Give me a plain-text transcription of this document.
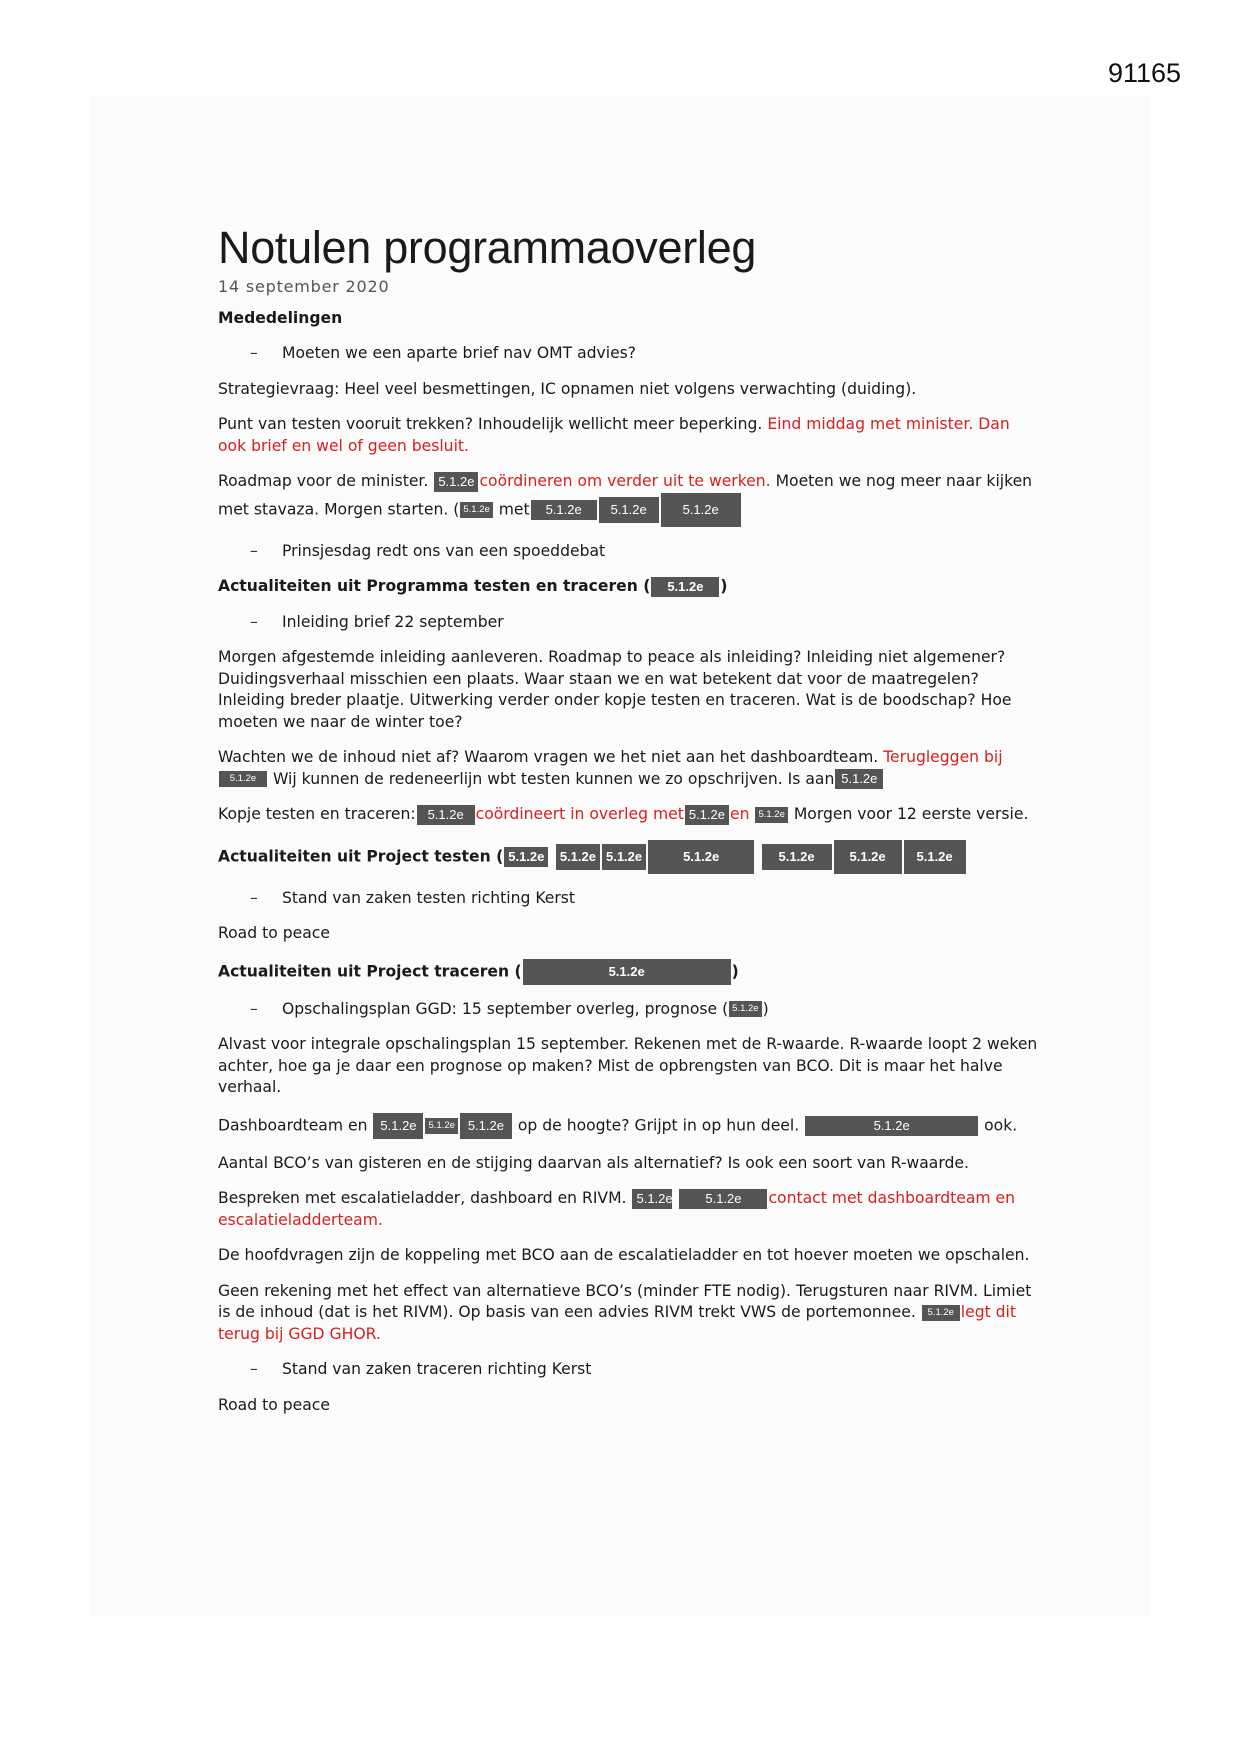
91165
Notulen programmaoverleg
14 september 2020
Mededelingen

– Moeten we een aparte brief nav OMT advies?

Strategievraag: Heel veel besmettingen, IC opnamen niet volgens verwachting (duiding).

Punt van testen vooruit trekken? Inhoudelijk wellicht meer beperking. Eind middag met minister. Dan ook brief en wel of geen besluit.

Roadmap voor de minister. 5.1.2e coördineren om verder uit te werken. Moeten we nog meer naar kijken met stavaza. Morgen starten. ( 5.1.2e met 5.1.2e 5.1.2e	5.1.2e

– Prinsjesdag redt ons van een spoeddebat

Actualiteiten uit Programma testen en traceren ( 5.1.2e )

– Inleiding brief 22 september

Morgen afgestemde inleiding aanleveren. Roadmap to peace als inleiding? Inleiding niet algemener? Duidingsverhaal misschien een plaats. Waar staan we en wat betekent dat voor de maatregelen? Inleiding breder plaatje. Uitwerking verder onder kopje testen en traceren. Wat is de boodschap? Hoe moeten we naar de winter toe?

Wachten we de inhoud niet af? Waarom vragen we het niet aan het dashboardteam. Terugleggen bij 5.1.2e Wij kunnen de redeneerlijn wbt testen kunnen we zo opschrijven. Is aan 5.1.2e

Kopje testen en traceren: 5.1.2e coördineert in overleg met 5.1.2e en 5.1.2e Morgen voor 12 eerste versie.

Actualiteiten uit Project testen ( 5.1.2e 5.1.2e 5.1.2e	5.1.2e	5.1.2e	5.1.2e 5.1.2e

– Stand van zaken testen richting Kerst

Road to peace

Actualiteiten uit Project traceren (	5.1.2e	)

– Opschalingsplan GGD: 15 september overleg, prognose ( 5.1.2e )

Alvast voor integrale opschalingsplan 15 september. Rekenen met de R-waarde. R-waarde loopt 2 weken achter, hoe ga je daar een prognose op maken? Mist de opbrengsten van BCO. Dit is maar het halve verhaal.

Dashboardteam en 5.1.2e 5.1.2e 5.1.2e op de hoogte? Grijpt in op hun deel.	5.1.2e	ook.

Aantal BCO’s van gisteren en de stijging daarvan als alternatief? Is ook een soort van R-waarde.

Bespreken met escalatieladder, dashboard en RIVM. 5.1.2e	5.1.2e contact met dashboardteam en escalatieladderteam.

De hoofdvragen zijn de koppeling met BCO aan de escalatieladder en tot hoever moeten we opschalen.

Geen rekening met het effect van alternatieve BCO’s (minder FTE nodig). Terugsturen naar RIVM. Limiet is de inhoud (dat is het RIVM). Op basis van een advies RIVM trekt VWS de portemonnee. 5.1.2e legt dit terug bij GGD GHOR.

– Stand van zaken traceren richting Kerst

Road to peace
